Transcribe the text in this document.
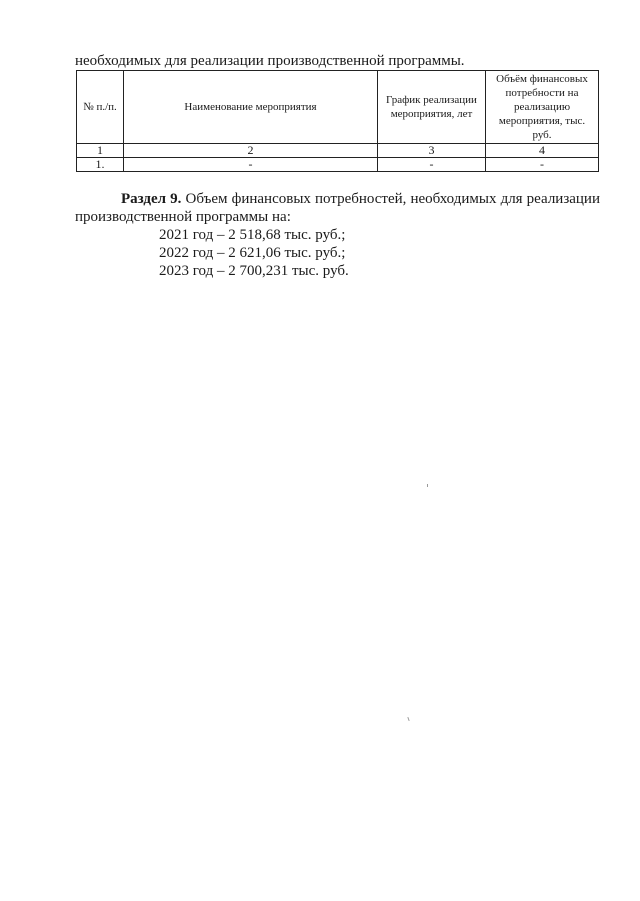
необходимых для реализации производственной программы.
№ п./п.	Наименование мероприятия	График реализации мероприятия, лет	Объём финансовых потребности на реализацию мероприятия, тыс. руб.
1	2	3	4
1.	-	-	-

Раздел 9. Объем финансовых потребностей, необходимых для реализации производственной программы на:

2021 год – 2 518,68 тыс. руб.;

2022 год – 2 621,06 тыс. руб.;

2023 год – 2 700,231 тыс. руб.
